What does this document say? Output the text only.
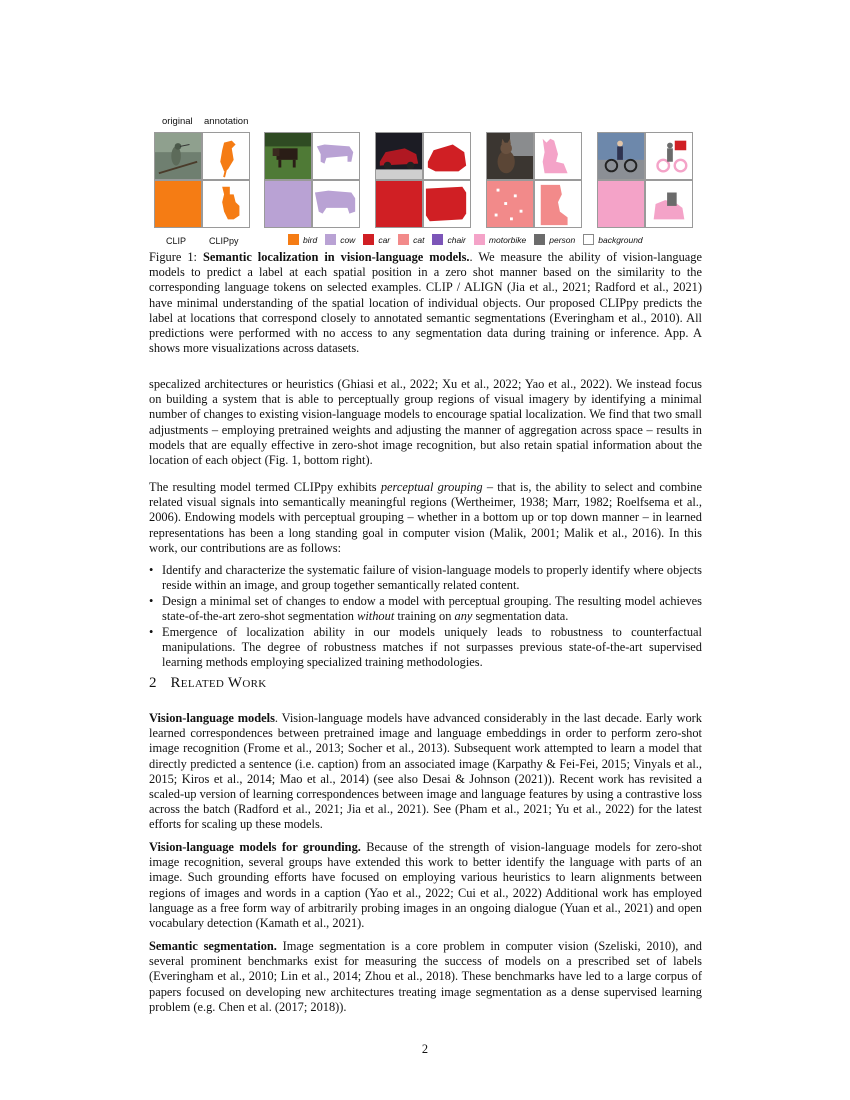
original annotation
CLIP	CLIPpy	bird	cow	car	cat	chair	motorbike	person	background

Figure 1: Semantic localization in vision-language models.. We measure the ability of vision-language models to predict a label at each spatial position in a zero shot manner based on the similarity to the corresponding language tokens on selected examples. CLIP / ALIGN (Jia et al., 2021; Radford et al., 2021) have minimal understanding of the spatial location of individual objects. Our proposed CLIPpy predicts the label at locations that correspond closely to annotated semantic segmentations (Everingham et al., 2010). All predictions were performed with no access to any segmentation data during training or inference. App. A shows more visualizations across datasets.

specalized architectures or heuristics (Ghiasi et al., 2022; Xu et al., 2022; Yao et al., 2022). We instead focus on building a system that is able to perceptually group regions of visual imagery by identifying a minimal number of changes to existing vision-language models to encourage spatial localization. We find that two small adjustments – employing pretrained weights and adjusting the manner of aggregation across space – results in models that are equally effective in zero-shot image recognition, but also retain spatial information about the location of each object (Fig. 1, bottom right).

The resulting model termed CLIPpy exhibits perceptual grouping – that is, the ability to select and combine related visual signals into semantically meaningful regions (Wertheimer, 1938; Marr, 1982; Roelfsema et al., 2006). Endowing models with perceptual grouping – whether in a bottom up or top down manner – in learned representations has been a long standing goal in computer vision (Malik, 2001; Malik et al., 2016). In this work, our contributions are as follows:

• Identify and characterize the systematic failure of vision-language models to properly identify where objects reside within an image, and group together semantically related content.
• Design a minimal set of changes to endow a model with perceptual grouping. The resulting model achieves state-of-the-art zero-shot segmentation without training on any segmentation data.
• Emergence of localization ability in our models uniquely leads to robustness to counterfactual manipulations. The degree of robustness matches if not surpasses previous state-of-the-art supervised learning methods employing specialized training methodologies.
2 Related Work

Vision-language models. Vision-language models have advanced considerably in the last decade. Early work learned correspondences between pretrained image and language embeddings in order to perform zero-shot image recognition (Frome et al., 2013; Socher et al., 2013). Subsequent work attempted to learn a model that directly predicted a sentence (i.e. caption) from an associated image (Karpathy & Fei-Fei, 2015; Vinyals et al., 2015; Kiros et al., 2014; Mao et al., 2014) (see also Desai & Johnson (2021)). Recent work has revisited a scaled-up version of learning correspondences between image and language features by using a contrastive loss across the batch (Radford et al., 2021; Jia et al., 2021). See (Pham et al., 2021; Yu et al., 2022) for the latest efforts for scaling up these models.

Vision-language models for grounding. Because of the strength of vision-language models for zero-shot image recognition, several groups have extended this work to better identify the language with parts of an image. Such grounding efforts have focused on employing various heuristics to learn alignments between regions of images and words in a caption (Yao et al., 2022; Cui et al., 2022) Additional work has employed language as a free form way of arbitrarily probing images in an ongoing dialogue (Yuan et al., 2021) and open vocabulary detection (Kamath et al., 2021).

Semantic segmentation. Image segmentation is a core problem in computer vision (Szeliski, 2010), and several prominent benchmarks exist for measuring the success of models on a prescribed set of labels (Everingham et al., 2010; Lin et al., 2014; Zhou et al., 2018). These benchmarks have led to a large corpus of papers focused on developing new architectures treating image segmentation as a dense supervised learning problem (e.g. Chen et al. (2017; 2018)).

2
